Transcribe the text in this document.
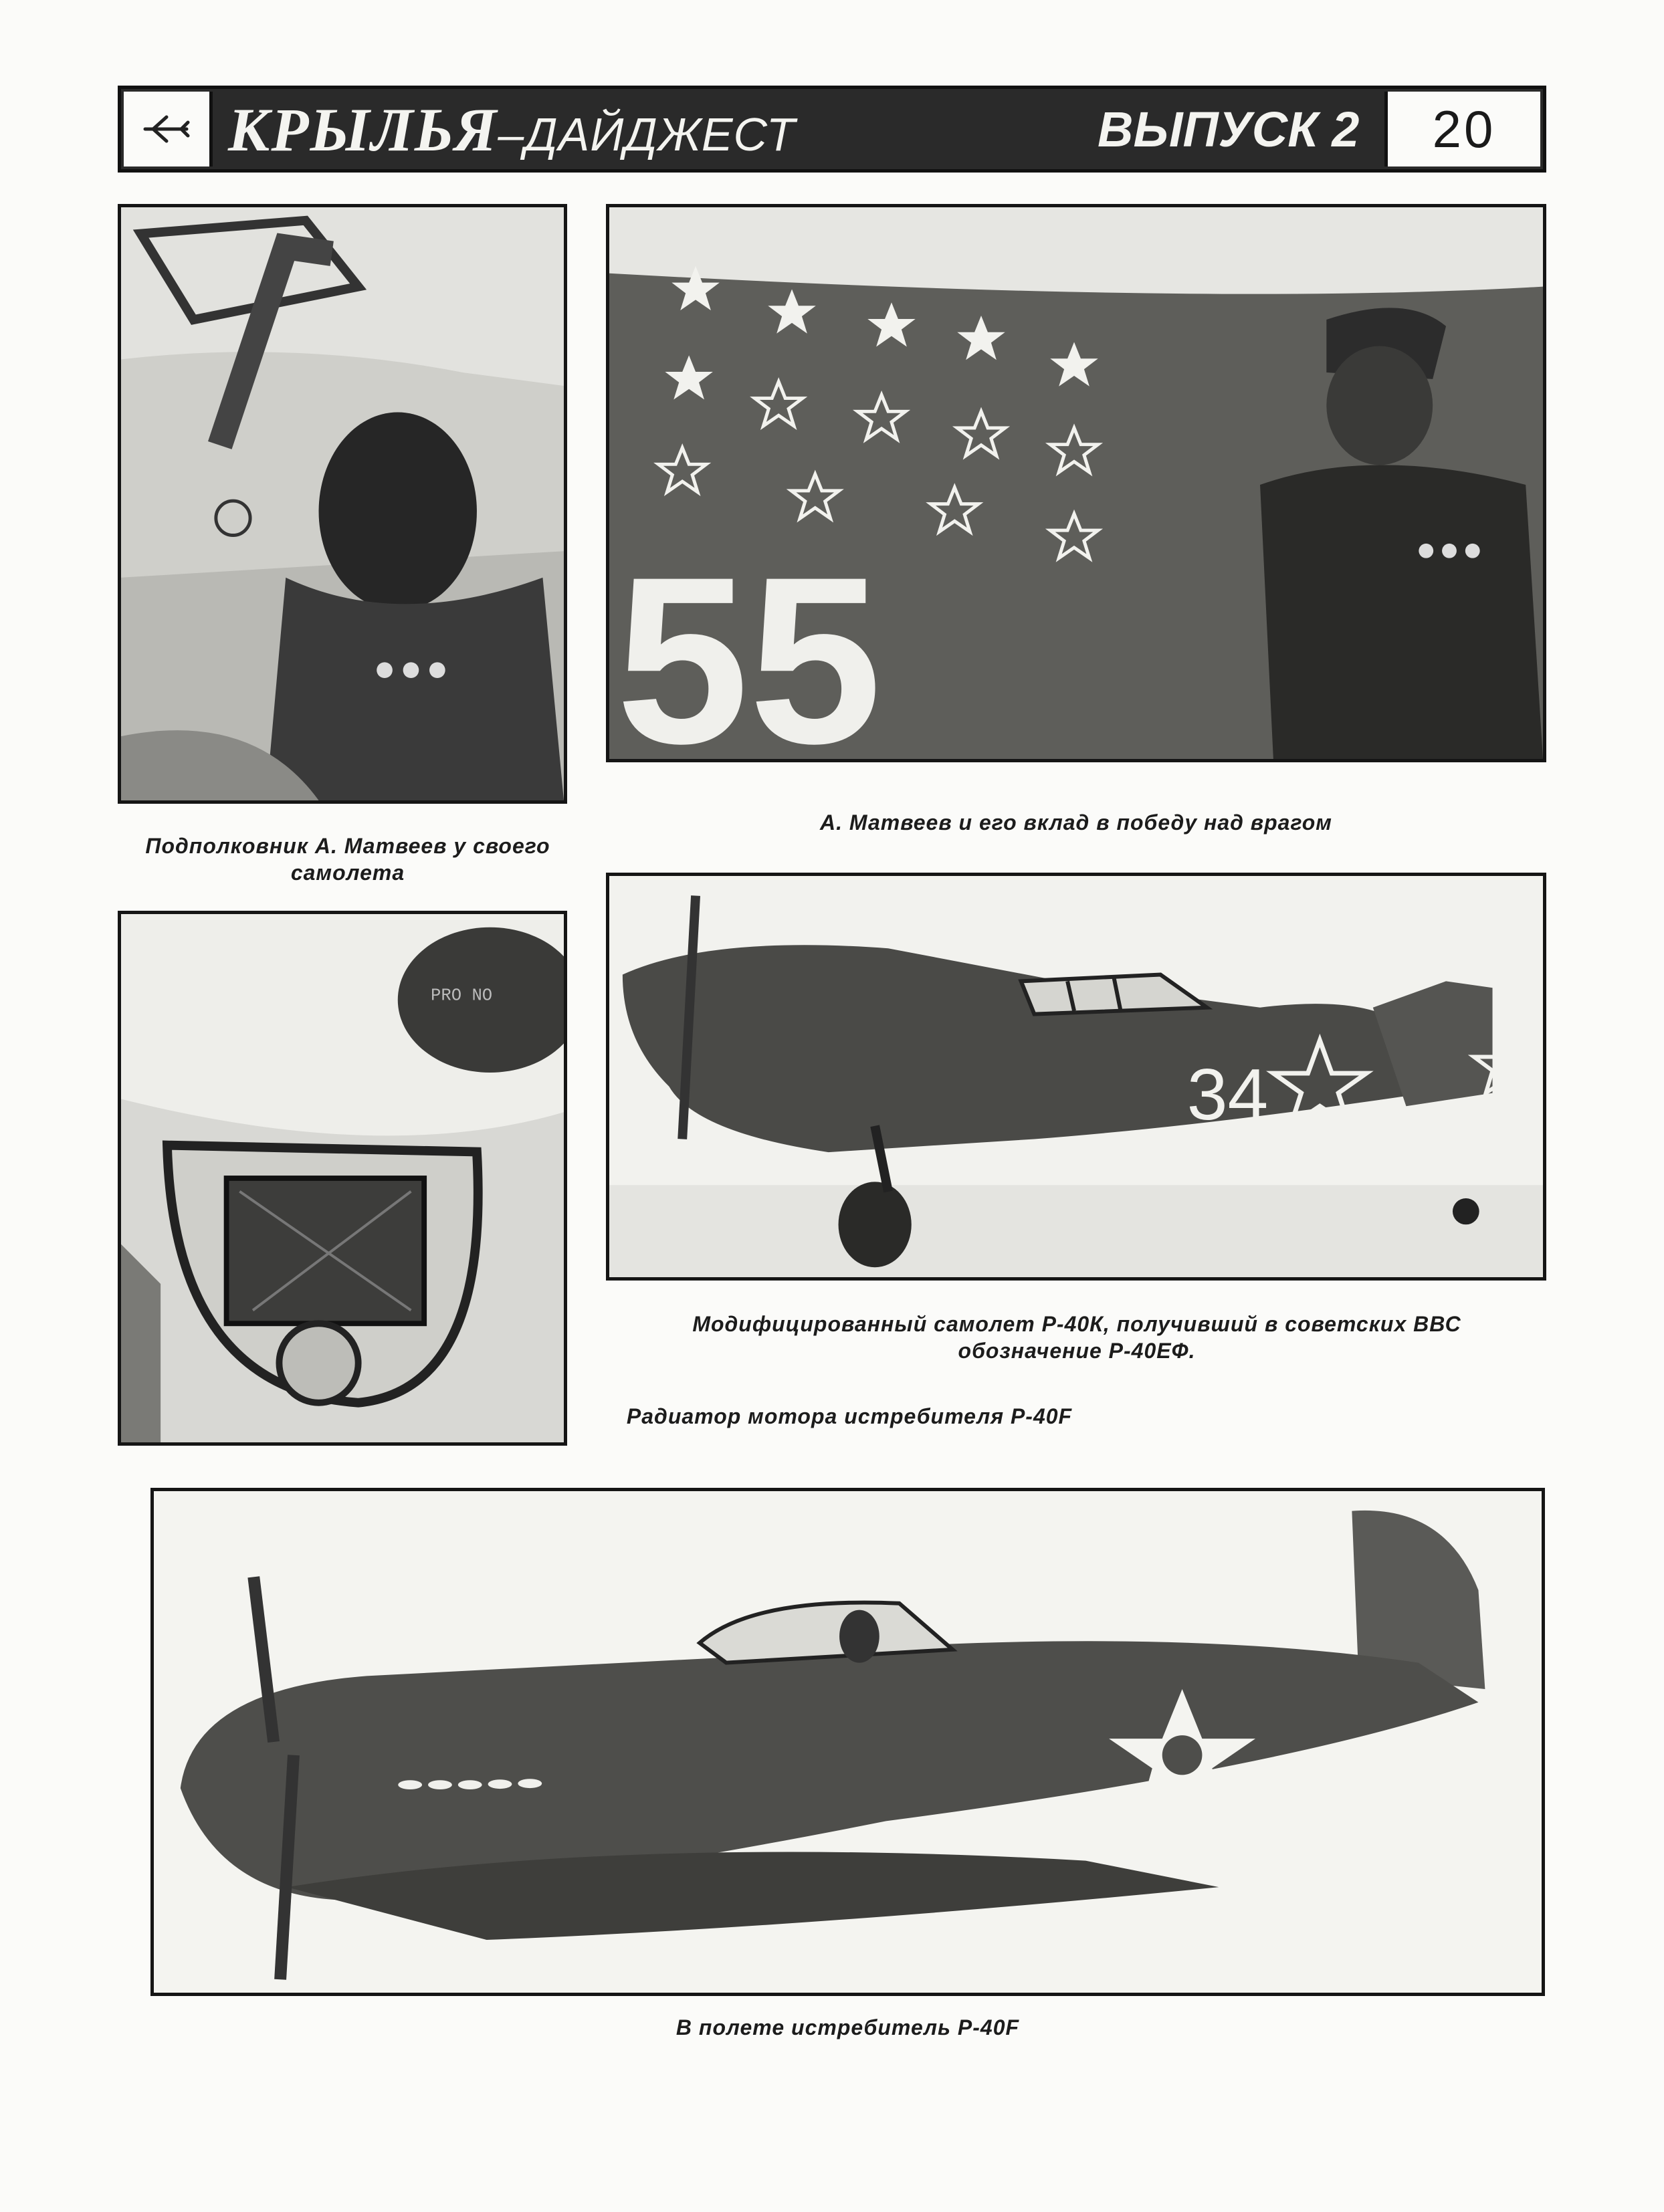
КРЫЛЬЯ–ДАЙДЖЕСТ	ВЫПУСК 2	20
Подполковник А. Матвеев у своего самолета
55
А. Матвеев и его вклад в победу над врагом
PRO NO
34
Модифицированный самолет Р-40К, получивший в советских ВВС обозначение Р-40ЕФ.
Радиатор мотора истребителя Р-40F
В полете истребитель Р-40F
